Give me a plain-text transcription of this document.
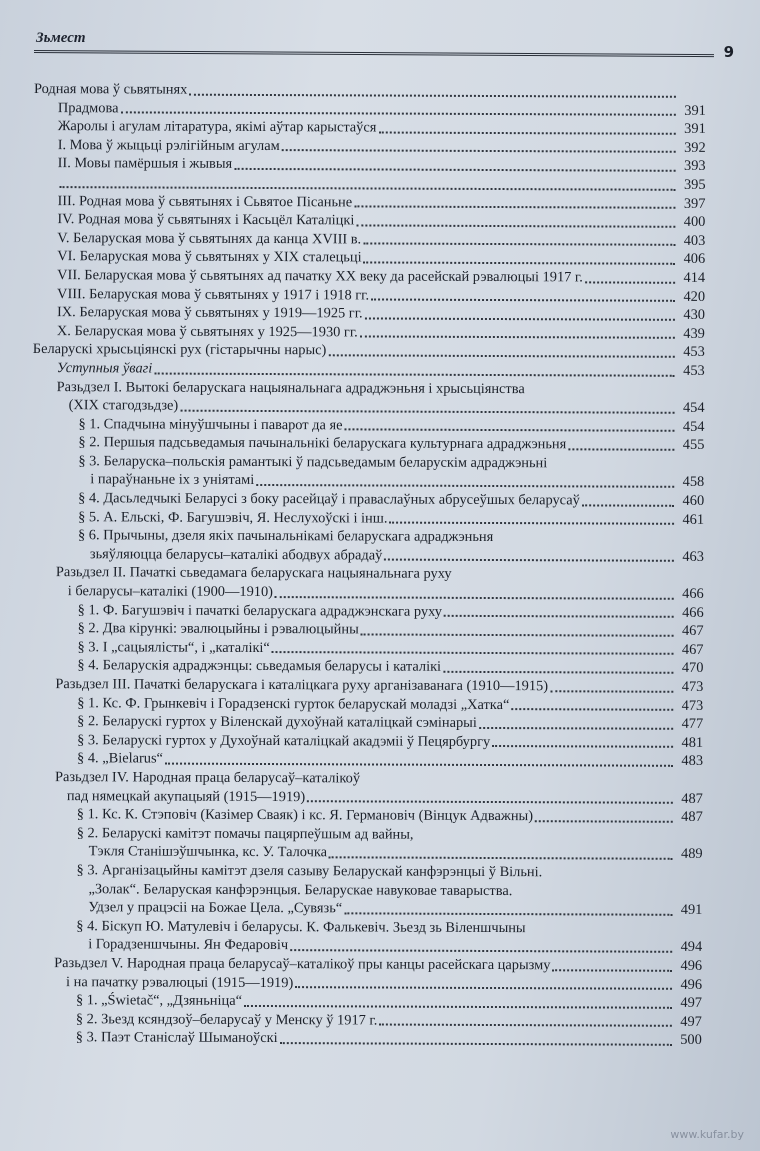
Зьмест
9
Родная мова ў сьвятынях
Прадмова	391
Жаролы і агулам літаратура, якімі аўтар карыстаўся	391
I. Мова ў жыцьці рэлігійным агулам	392
II. Мовы памёршыя і жывыя	393
395
III. Родная мова ў сьвятынях і Сьвятое Пісаньне	397
IV. Родная мова ў сьвятынях і Касьцёл Каталіцкі	400
V. Беларуская мова ў сьвятынях да канца XVIII в.	403
VI. Беларуская мова ў сьвятынях у XIX сталецьці	406
VII. Беларуская мова ў сьвятынях ад пачатку XX веку да расейскай рэвалюцыі 1917 г.	414
VIII. Беларуская мова ў сьвятынях у 1917 і 1918 гг.	420
IX. Беларуская мова ў сьвятынях у 1919—1925 гг.	430
X. Беларуская мова ў сьвятынях у 1925—1930 гг.	439
Беларускі хрысьціянскі рух (гістарычны нарыс)	453
Уступныя ўвагі	453
Разьдзел I. Вытокі беларускага нацыянальнага адраджэньня і хрысьціянства
(XIX стагодзьдзе)	454
§ 1. Спадчына мінуўшчыны і паварот да яе	454
§ 2. Першыя падсьведамыя пачынальнікі беларускага культурнага адраджэньня	455
§ 3. Беларуска–польскія рамантыкі ў падсьведамым беларускім адраджэньні
і параўнаньне іх з уніятамі	458
§ 4. Дасьледчыкі Беларусі з боку расейцаў і праваслаўных абрусеўшых беларусаў	460
§ 5. А. Ельскі, Ф. Багушэвіч, Я. Неслухоўскі і інш.	461
§ 6. Прычыны, дзеля якіх пачынальнікамі беларускага адраджэньня
зьяўляюцца беларусы–каталікі абодвух абрадаў	463
Разьдзел II. Пачаткі сьведамага беларускага нацыянальнага руху
і беларусы–каталікі (1900—1910)	466
§ 1. Ф. Багушэвіч і пачаткі беларускага адраджэнскага руху	466
§ 2. Два кірункі: эвалюцыйны і рэвалюцыйны	467
§ 3. І „сацыялісты“, і „каталікі“	467
§ 4. Беларускія адраджэнцы: сьведамыя беларусы і каталікі	470
Разьдзел III. Пачаткі беларускага і каталіцкага руху арганізаванага (1910—1915)	473
§ 1. Кс. Ф. Грынкевіч і Горадзенскі гурток беларускай моладзі „Хатка“	473
§ 2. Беларускі гуртох у Віленскай духоўнай каталіцкай сэмінарыі	477
§ 3. Беларускі гуртох у Духоўнай каталіцкай акадэміі ў Пецярбургу	481
§ 4. „Bielarus“	483
Разьдзел IV. Народная праца беларусаў–каталікоў
пад нямецкай акупацыяй (1915—1919)	487
§ 1. Кс. К. Стэповіч (Казімер Сваяк) і кс. Я. Германовіч (Вінцук Адважны)	487
§ 2. Беларускі камітэт помачы пацярпеўшым ад вайны,
Тэкля Станішэўшчынка, кс. У. Талочка	489
§ 3. Арганізацыйны камітэт дзеля сазыву Беларускай канфэрэнцыі ў Вільні.
„Золак“. Беларуская канфэрэнцыя. Беларускае навуковае таварыства.
Удзел у працэсіі на Божае Цела. „Сувязь“	491
§ 4. Біскуп Ю. Матулевіч і беларусы. К. Фалькевіч. Зьезд зь Віленшчыны
і Горадзеншчыны. Ян Федаровіч	494
Разьдзел V. Народная праца беларусаў–каталікоў пры канцы расейскага царызму	496
і на пачатку рэвалюцыі (1915—1919)	496
§ 1. „Świetač“, „Дзяньніца“	497
§ 2. Зьезд ксяндзоў–беларусаў у Менску ў 1917 г.	497
§ 3. Паэт Станіслаў Шыманоўскі	500
www.kufar.by
